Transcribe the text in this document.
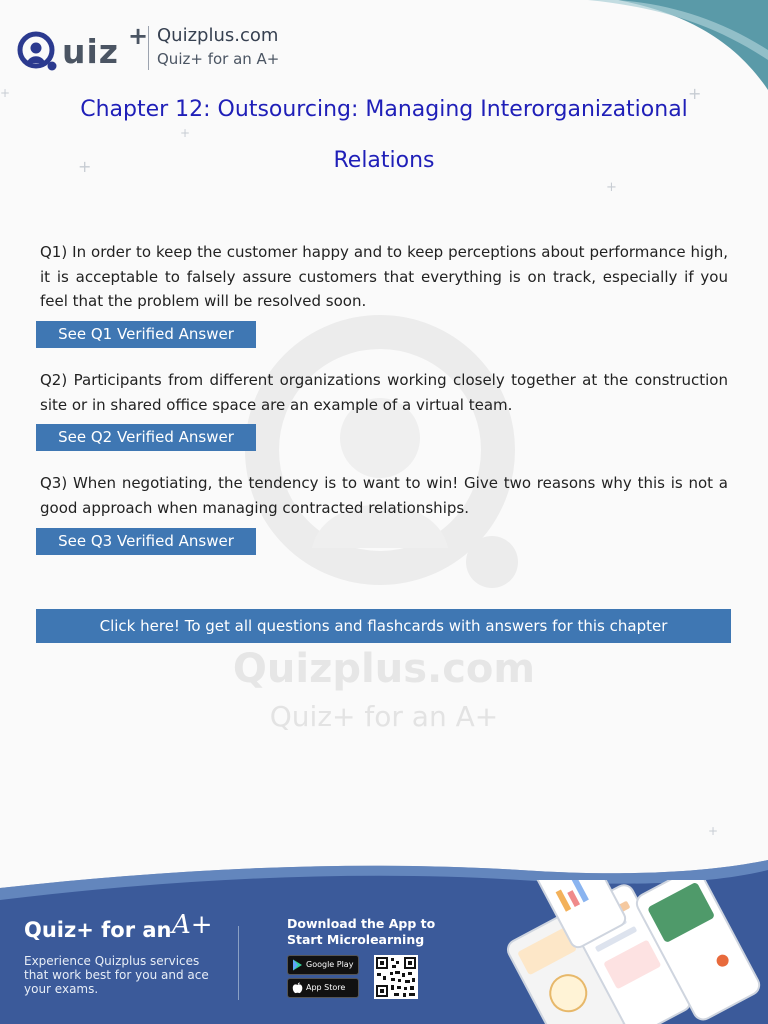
uiz + Quizplus.com
Quiz+ for an A+
+
+
+
+
+
+
Chapter 12: Outsourcing: Managing Interorganizational
Relations
Quizplus.com
Quiz+ for an A+
Q1) In order to keep the customer happy and to keep perceptions about performance high, it is acceptable to falsely assure customers that everything is on track, especially if you feel that the problem will be resolved soon.
See Q1 Verified Answer
Q2) Participants from different organizations working closely together at the construction site or in shared office space are an example of a virtual team.
See Q2 Verified Answer
Q3) When negotiating, the tendency is to want to win! Give two reasons why this is not a good approach when managing contracted relationships.
See Q3 Verified Answer
Click here! To get all questions and flashcards with answers for this chapter
Quiz+ for an A+
Experience Quizplus services that work best for you and ace your exams.
Download the App to Start Microlearning
Google Play
App Store
